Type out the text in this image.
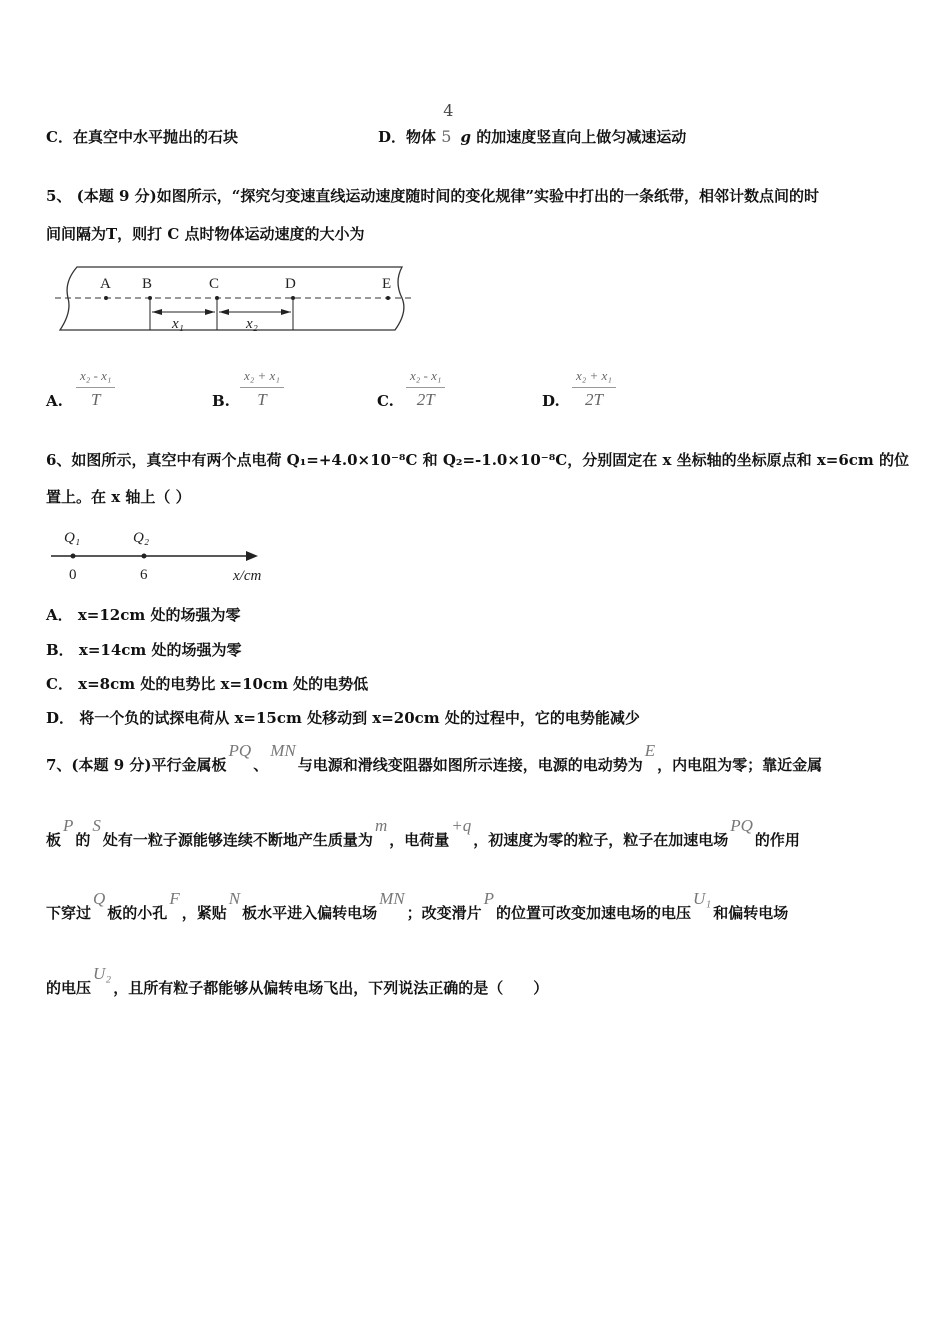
C．在真空中水平抛出的石块	D．物体
4
5 g 的加速度竖直向上做匀减速运动
5、 (本题 9 分)如图所示，“探究匀变速直线运动速度随时间的变化规律”实验中打出的一条纸带，相邻计数点间的时
间间隔为T，则打 C 点时物体运动速度的大小为
A B	C	D	E
x₁	x₂
A.
x₂ - x₁
T	B.
x₂ + x₁
T	C.
x₂ - x₁
2T	D.
x₂ + x₁
2T
6、如图所示，真空中有两个点电荷 Q₁=+4.0×10⁻⁸C 和 Q₂=-1.0×10⁻⁸C，分别固定在 x 坐标轴的坐标原点和 x=6cm 的位
置上。在 x 轴上（ ）
Q₁	Q₂
0	6	x/cm
A． x=12cm 处的场强为零
B． x=14cm 处的场强为零
C． x=8cm 处的电势比 x=10cm 处的电势低
D． 将一个负的试探电荷从 x=15cm 处移动到 x=20cm 处的过程中，它的电势能减少
7、(本题 9 分)平行金属板PQ、MN与电源和滑线变阻器如图所示连接，电源的电动势为E，内电阻为零；靠近金属
板P的S处有一粒子源能够连续不断地产生质量为m，电荷量+q，初速度为零的粒子，粒子在加速电场PQ的作用
下穿过Q板的小孔F，紧贴N板水平进入偏转电场MN；改变滑片P的位置可改变加速电场的电压U₁和偏转电场
的电压U₂，且所有粒子都能够从偏转电场飞出，下列说法正确的是（　　）
